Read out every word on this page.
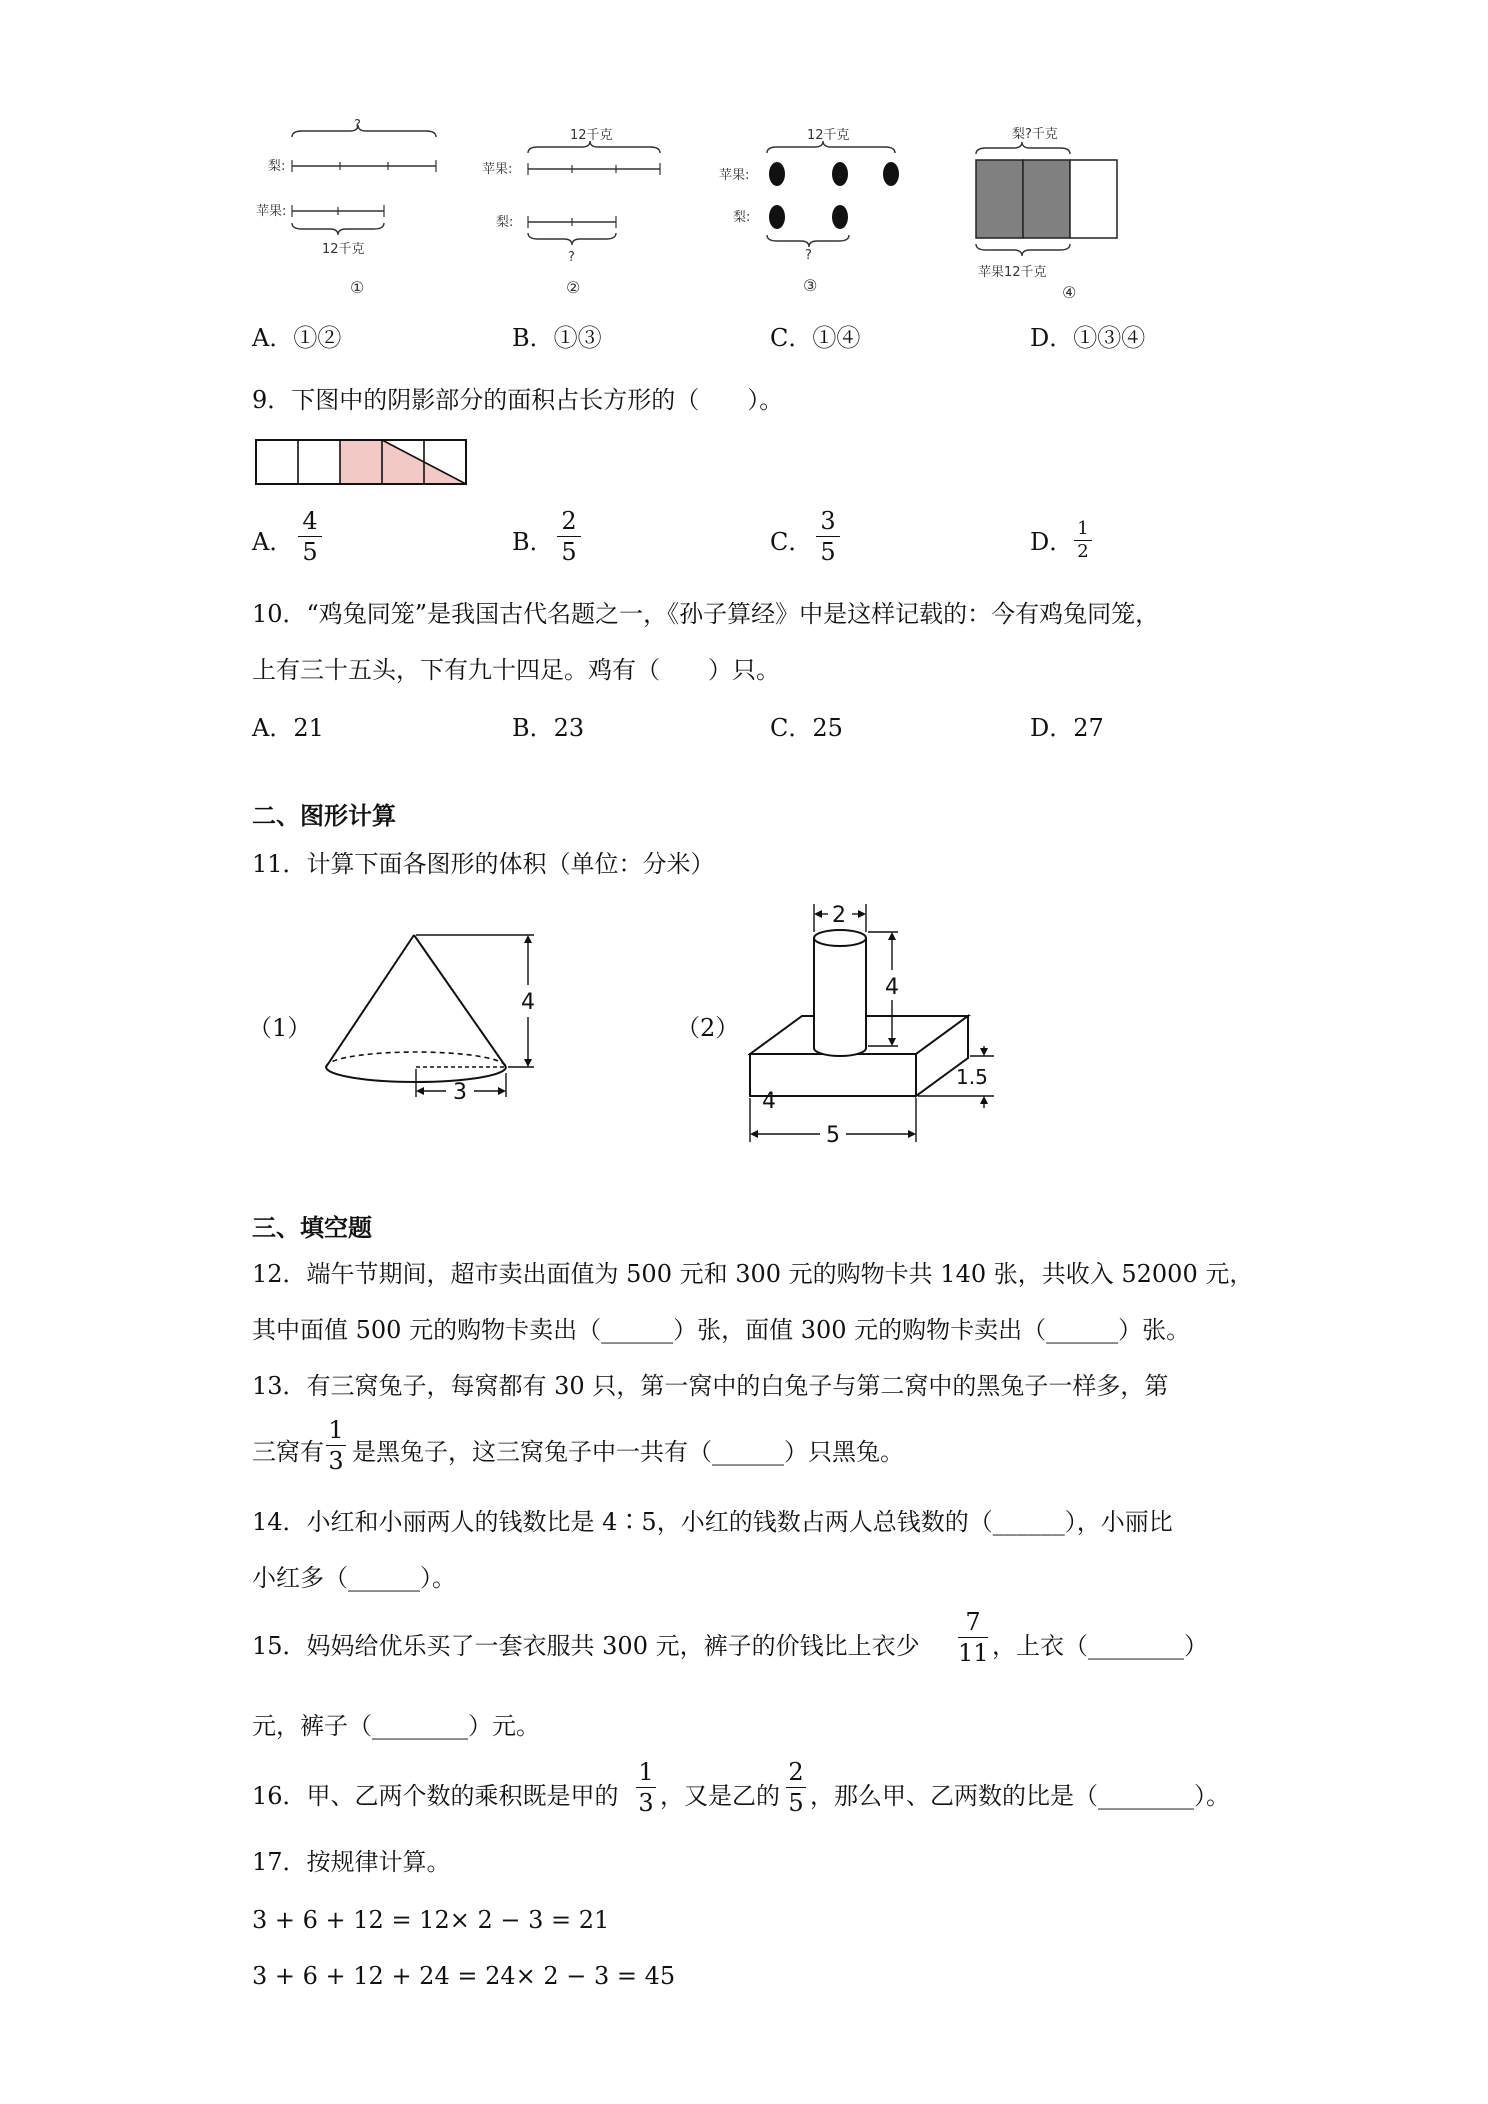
?
梨:
苹果:
12千克
①
12千克
苹果:
梨:
?
②
12千克
苹果:
梨:
?
③
梨?千克
苹果12千克
④
A．①②	B．①③	C．①④	D．①③④
9．下图中的阴影部分的面积占长方形的（　　）。
A．
4
5	B．
2
5	C．
3
5	D． 1
2
10．“鸡兔同笼”是我国古代名题之一，《孙子算经》中是这样记载的：今有鸡兔同笼，
上有三十五头，下有九十四足。鸡有（　　）只。
A．21	B．23	C．25	D．27
二、图形计算
11．计算下面各图形的体积（单位：分米）
（1）	（2）
3
4
2
4
1.5
4
5
三、填空题
12．端午节期间，超市卖出面值为 500 元和 300 元的购物卡共 140 张，共收入 52000 元，
其中面值 500 元的购物卡卖出（______）张，面值 300 元的购物卡卖出（______）张。
13．有三窝兔子，每窝都有 30 只，第一窝中的白兔子与第二窝中的黑兔子一样多，第
三窝有
1
3 是黑兔子，这三窝兔子中一共有（______）只黑兔。
14．小红和小丽两人的钱数比是 4∶5，小红的钱数占两人总钱数的（______），小丽比
小红多（______）。
15．妈妈给优乐买了一套衣服共 300 元，裤子的价钱比上衣少
7
11 ，上衣（________）
元，裤子（________）元。
16．甲、乙两个数的乘积既是甲的
1
3 ，又是乙的
2
5 ，那么甲、乙两数的比是（________）。
17．按规律计算。
3 + 6 + 12 = 12× 2 − 3 = 21
3 + 6 + 12 + 24 = 24× 2 − 3 = 45
